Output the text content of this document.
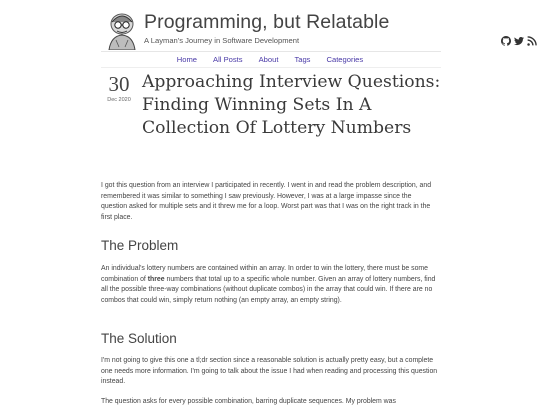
Programming, but Relatable
A Layman's Journey in Software Development
Home All Posts About Tags Categories
30
Dec 2020
Approaching Interview Questions: Finding Winning Sets In A Collection Of Lottery Numbers

I got this question from an interview I participated in recently. I went in and read the problem description, and remembered it was similar to something I saw previously. However, I was at a large impasse since the question asked for multiple sets and it threw me for a loop. Worst part was that I was on the right track in the first place.

The Problem

An individual's lottery numbers are contained within an array. In order to win the lottery, there must be some combination of three numbers that total up to a specific whole number. Given an array of lottery numbers, find all the possible three-way combinations (without duplicate combos) in the array that could win. If there are no combos that could win, simply return nothing (an empty array, an empty string).

The Solution

I'm not going to give this one a tl;dr section since a reasonable solution is actually pretty easy, but a complete one needs more information. I'm going to talk about the issue I had when reading and processing this question instead.

The question asks for every possible combination, barring duplicate sequences. My problem was
